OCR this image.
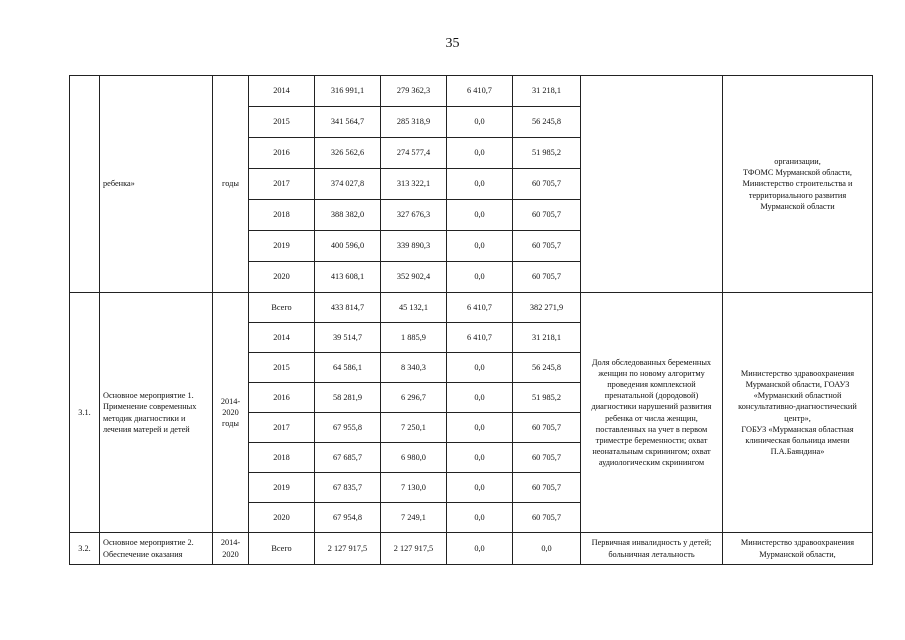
35
	ребенка»	годы	2014	316 991,1	279 362,3	6 410,7	31 218,1		организации,
ТФОМС Мурманской области,
Министерство строительства и территориального развития Мурманской области
			2015	341 564,7	285 318,9	0,0	56 245,8		
			2016	326 562,6	274 577,4	0,0	51 985,2		
			2017	374 027,8	313 322,1	0,0	60 705,7		
			2018	388 382,0	327 676,3	0,0	60 705,7		
			2019	400 596,0	339 890,3	0,0	60 705,7		
			2020	413 608,1	352 902,4	0,0	60 705,7		
3.1.	Основное мероприятие 1. Применение современных методик диагностики и лечения матерей и детей	2014-2020 годы	Всего	433 814,7	45 132,1	6 410,7	382 271,9	Доля обследованных беременных женщин по новому алгоритму проведения комплексной пренатальной (дородовой) диагностики нарушений развития ребенка от числа женщин, поставленных на учет в первом триместре беременности; охват неонатальным скринингом; охват аудиологическим скринингом	Министерство здравоохранения Мурманской области, ГОАУЗ «Мурманский областной консультативно-диагностический центр»,
ГОБУЗ «Мурманская областная клиническая больница имени П.А.Баяндина»
			2014	39 514,7	1 885,9	6 410,7	31 218,1		
			2015	64 586,1	8 340,3	0,0	56 245,8		
			2016	58 281,9	6 296,7	0,0	51 985,2		
			2017	67 955,8	7 250,1	0,0	60 705,7		
			2018	67 685,7	6 980,0	0,0	60 705,7		
			2019	67 835,7	7 130,0	0,0	60 705,7		
			2020	67 954,8	7 249,1	0,0	60 705,7		
3.2.	Основное мероприятие 2. Обеспечение оказания	2014-2020	Всего	2 127 917,5	2 127 917,5	0,0	0,0	Первичная инвалидность у детей; больничная летальность	Министерство здравоохранения Мурманской области,
